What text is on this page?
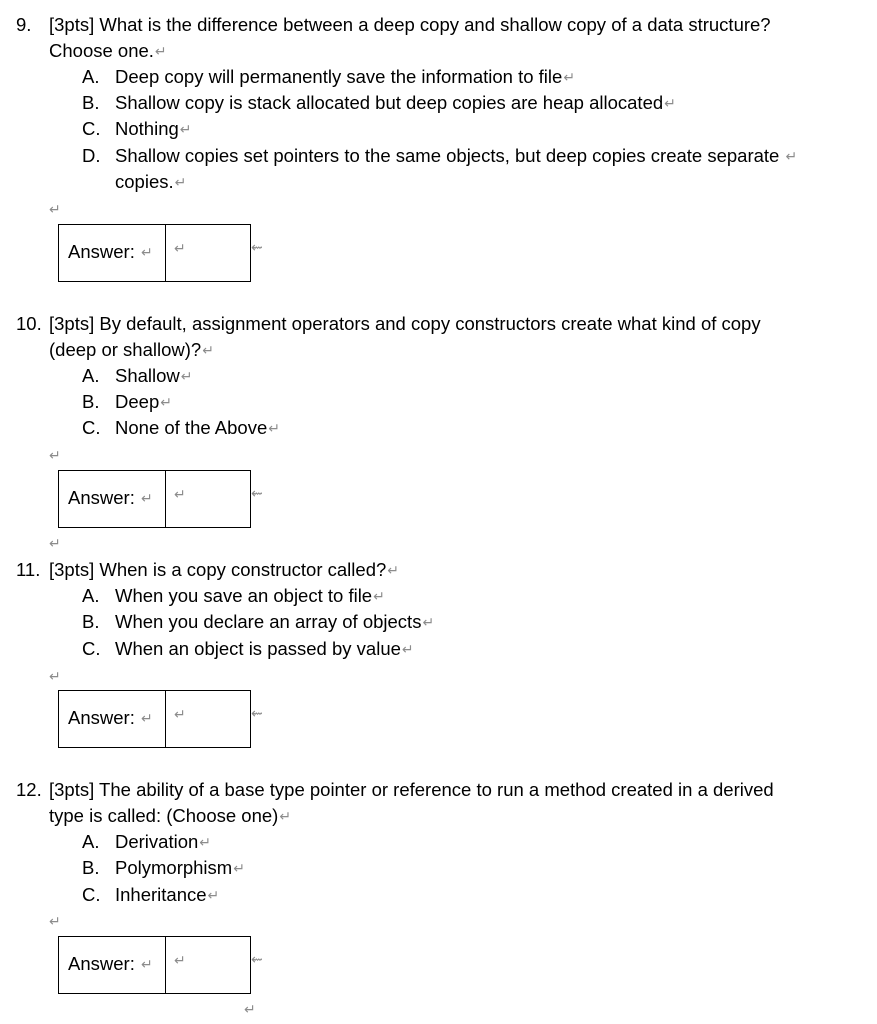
9. [3pts] What is the difference between a deep copy and shallow copy of a data structure?
Choose one.↵
A. Deep copy will permanently save the information to file↵
B. Shallow copy is stack allocated but deep copies are heap allocated↵
C. Nothing↵
D. Shallow copies set pointers to the same objects, but deep copies create separate ↵
copies.↵
↵
Answer: ↵ ↵	⇜
10. [3pts] By default, assignment operators and copy constructors create what kind of copy
(deep or shallow)?↵
A. Shallow↵
B. Deep↵
C. None of the Above↵
↵
Answer: ↵ ↵	⇜
↵
11. [3pts] When is a copy constructor called?↵
A. When you save an object to file↵
B. When you declare an array of objects↵
C. When an object is passed by value↵
↵
Answer: ↵ ↵	⇜
12. [3pts] The ability of a base type pointer or reference to run a method created in a derived
type is called: (Choose one)↵
A. Derivation↵
B. Polymorphism↵
C. Inheritance↵
↵
Answer: ↵ ↵	⇜
↵
